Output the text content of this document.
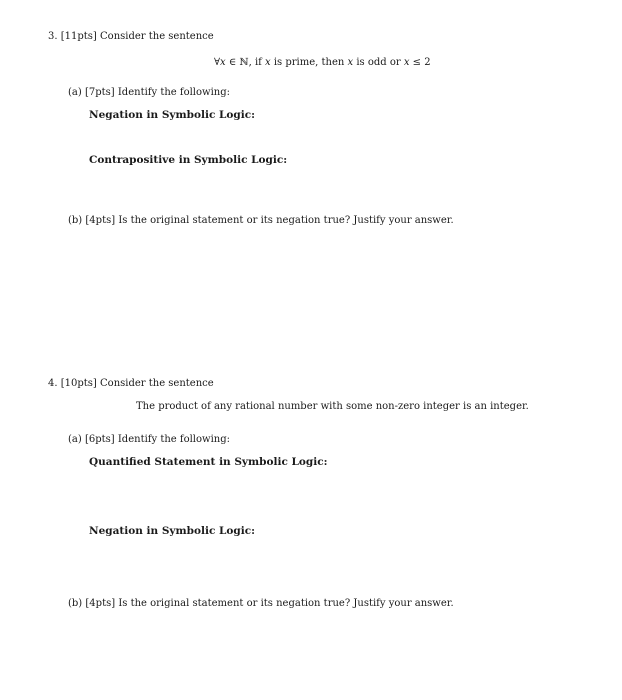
3. [11pts] Consider the sentence
∀x ∈ ℕ, if x is prime, then x is odd or x ≤ 2
(a) [7pts] Identify the following:
Negation in Symbolic Logic:
Contrapositive in Symbolic Logic:
(b) [4pts] Is the original statement or its negation true? Justify your answer.
4. [10pts] Consider the sentence
The product of any rational number with some non-zero integer is an integer.
(a) [6pts] Identify the following:
Quantified Statement in Symbolic Logic:
Negation in Symbolic Logic:
(b) [4pts] Is the original statement or its negation true? Justify your answer.
